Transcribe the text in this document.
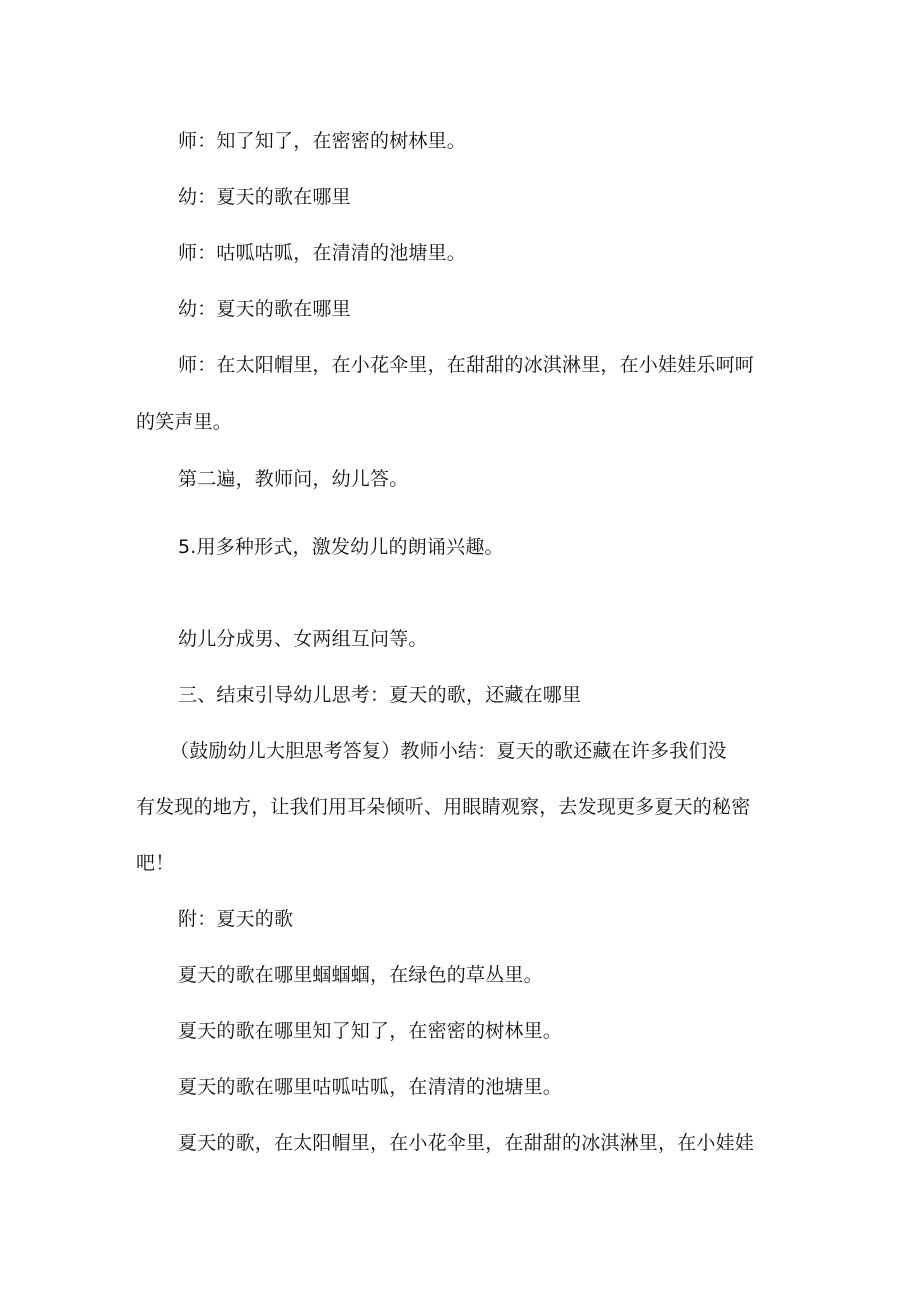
师：知了知了，在密密的树林里。
幼：夏天的歌在哪里
师：咕呱咕呱，在清清的池塘里。
幼：夏天的歌在哪里
师：在太阳帽里，在小花伞里，在甜甜的冰淇淋里，在小娃娃乐呵呵
的笑声里。
第二遍，教师问，幼儿答。
5.用多种形式，激发幼儿的朗诵兴趣。
幼儿分成男、女两组互问等。
三、结束引导幼儿思考：夏天的歌，还藏在哪里
（鼓励幼儿大胆思考答复）教师小结：夏天的歌还藏在许多我们没
有发现的地方，让我们用耳朵倾听、用眼睛观察，去发现更多夏天的秘密
吧！
附：夏天的歌
夏天的歌在哪里蝈蝈蝈，在绿色的草丛里。
夏天的歌在哪里知了知了，在密密的树林里。
夏天的歌在哪里咕呱咕呱，在清清的池塘里。
夏天的歌，在太阳帽里，在小花伞里，在甜甜的冰淇淋里，在小娃娃
